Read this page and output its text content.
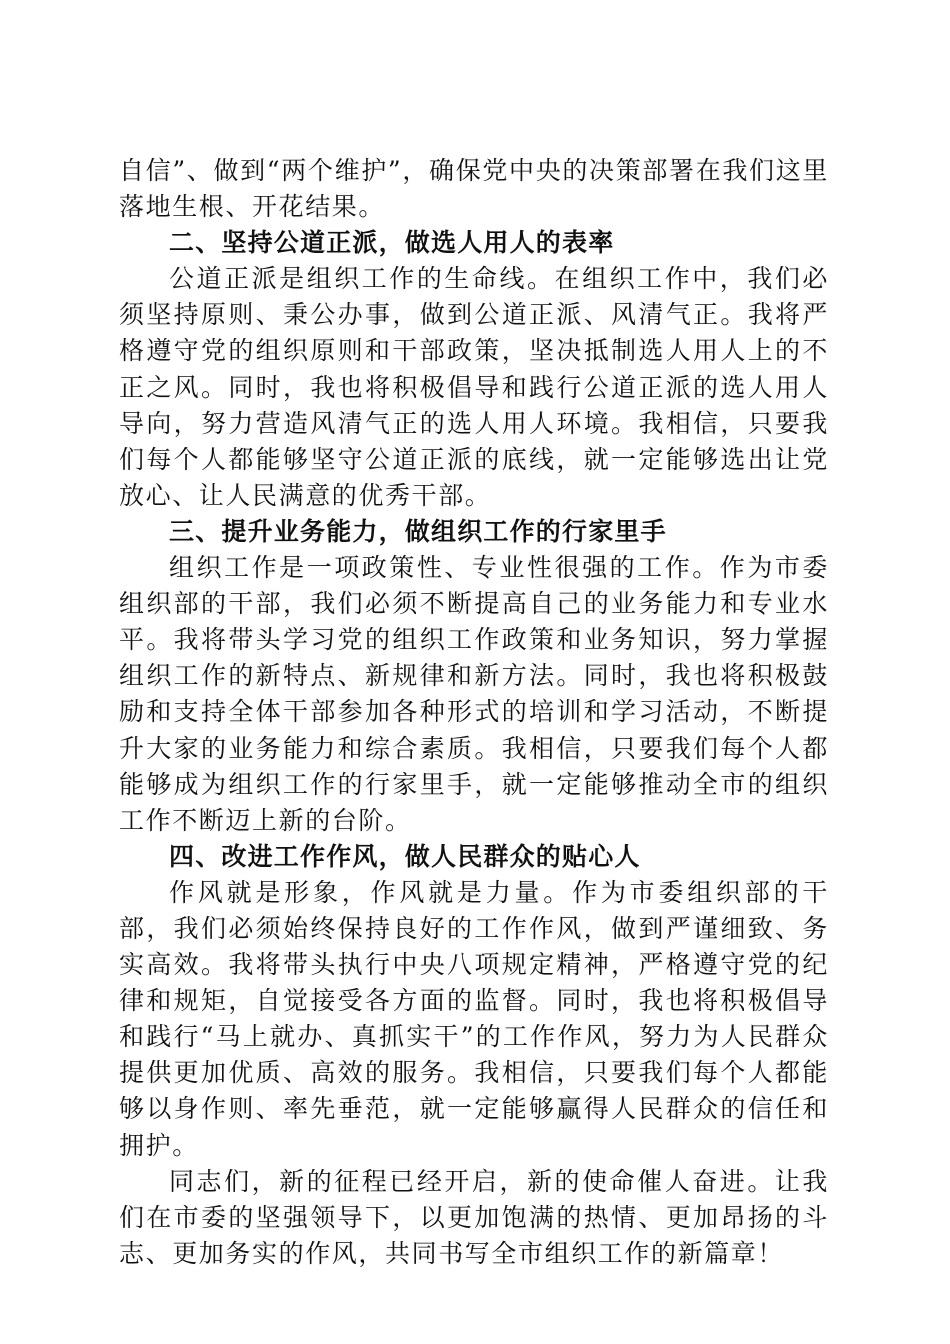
自信”、做到“两个维护”，确保党中央的决策部署在我们这里落地生根、开花结果。

二、坚持公道正派，做选人用人的表率

公道正派是组织工作的生命线。在组织工作中，我们必须坚持原则、秉公办事，做到公道正派、风清气正。我将严格遵守党的组织原则和干部政策，坚决抵制选人用人上的不正之风。同时，我也将积极倡导和践行公道正派的选人用人导向，努力营造风清气正的选人用人环境。我相信，只要我们每个人都能够坚守公道正派的底线，就一定能够选出让党放心、让人民满意的优秀干部。

三、提升业务能力，做组织工作的行家里手

组织工作是一项政策性、专业性很强的工作。作为市委组织部的干部，我们必须不断提高自己的业务能力和专业水平。我将带头学习党的组织工作政策和业务知识，努力掌握组织工作的新特点、新规律和新方法。同时，我也将积极鼓励和支持全体干部参加各种形式的培训和学习活动，不断提升大家的业务能力和综合素质。我相信，只要我们每个人都能够成为组织工作的行家里手，就一定能够推动全市的组织工作不断迈上新的台阶。

四、改进工作作风，做人民群众的贴心人

作风就是形象，作风就是力量。作为市委组织部的干部，我们必须始终保持良好的工作作风，做到严谨细致、务实高效。我将带头执行中央八项规定精神，严格遵守党的纪律和规矩，自觉接受各方面的监督。同时，我也将积极倡导和践行“马上就办、真抓实干”的工作作风，努力为人民群众提供更加优质、高效的服务。我相信，只要我们每个人都能够以身作则、率先垂范，就一定能够赢得人民群众的信任和拥护。

同志们，新的征程已经开启，新的使命催人奋进。让我们在市委的坚强领导下，以更加饱满的热情、更加昂扬的斗志、更加务实的作风，共同书写全市组织工作的新篇章！
